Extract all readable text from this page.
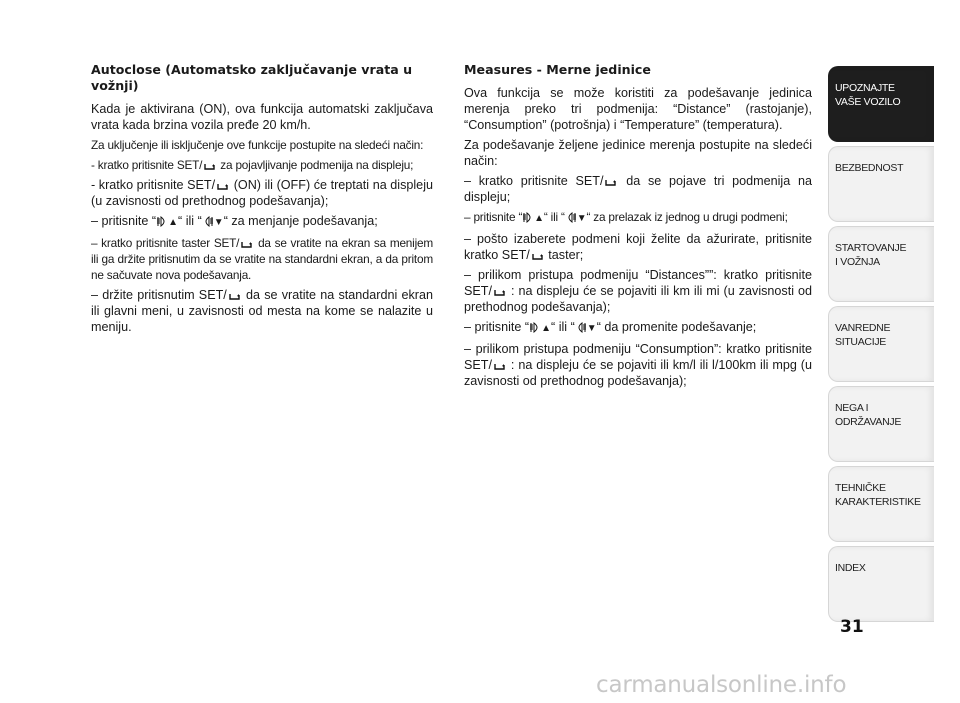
Autoclose (Automatsko zaključavanje vrata u vožnji)

Kada je aktivirana (ON), ova funkcija automatski zaključava vrata kada brzina vozila pređe 20 km/h.

Za uključenje ili isključenje ove funkcije postupite na sledeći način:

- kratko pritisnite SET/
za pojavljivanje podmenija na displeju;

- kratko pritisnite SET/
(ON) ili (OFF) će treptati na displeju (u zavisnosti od prethodnog podešavanja);

– pritisnite “ ▲“ ili “ ▼“ za menjanje podešavanja;

– kratko pritisnite taster SET/
da se vratite na ekran sa menijem ili ga držite pritisnutim da se vratite na standardni ekran, a da pritom ne sačuvate nova podešavanja.

– držite pritisnutim SET/
da se vratite na standardni ekran ili glavni meni, u zavisnosti od mesta na kome se nalazite u meniju.

Measures - Merne jedinice

Ova funkcija se može koristiti za podešavanje jedinica merenja preko tri podmenija: “Distance” (rastojanje), “Consumption” (potrošnja) i “Temperature” (temperatura).

Za podešavanje željene jedinice merenja postupite na sledeći način:

– kratko pritisnite SET/
da se pojave tri podmenija na displeju;

– pritisnite “ ▲“ ili “ ▼“ za prelazak iz jednog u drugi podmeni;

– pošto izaberete podmeni koji želite da ažurirate, pritisnite kratko SET/
taster;

– prilikom pristupa podmeniju “Distances””: kratko pritisnite SET/
: na displeju će se pojaviti ili km ili mi (u zavisnosti od prethodnog podešavanja);

– pritisnite “ ▲“ ili “ ▼“ da promenite podešavanje;

– prilikom pristupa podmeniju “Consumption”: kratko pritisnite SET/
: na displeju će se pojaviti ili km/l ili l/100km ili mpg (u zavisnosti od prethodnog podešavanja);

UPOZNAJTE
VAŠE VOZILO
BEZBEDNOST
STARTOVANJE
I VOŽNJA
VANREDNE
SITUACIJE
NEGA I
ODRŽAVANJE
TEHNIČKE
KARAKTERISTIKE
INDEX
31
carmanualsonline.info
